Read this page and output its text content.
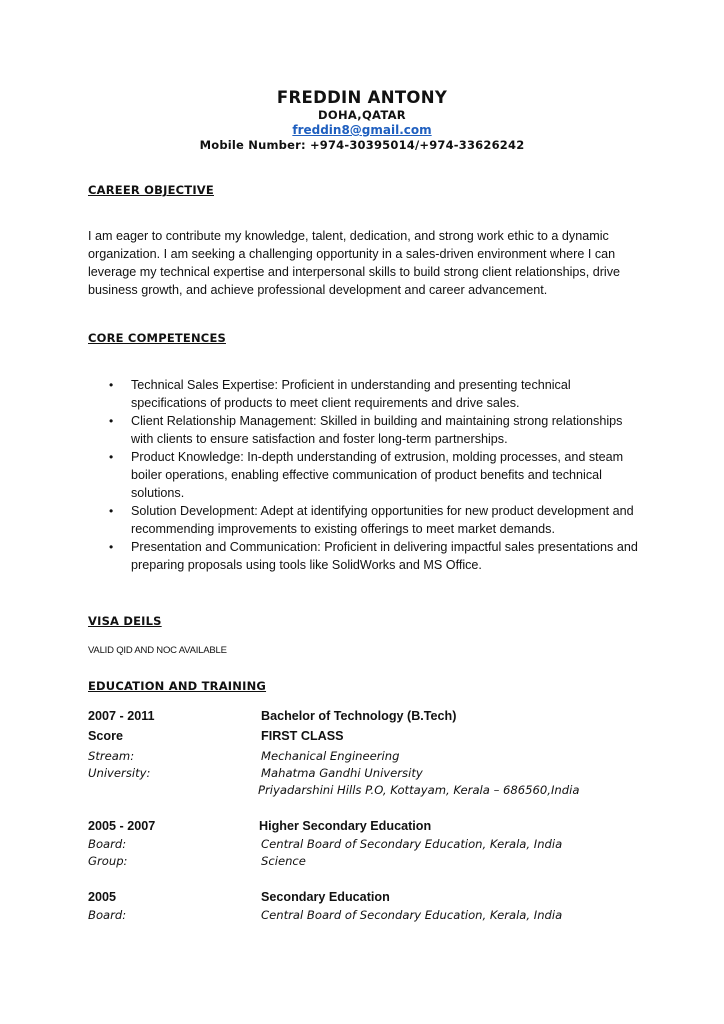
FREDDIN ANTONY
DOHA,QATAR
freddin8@gmail.com
Mobile Number: +974-30395014/+974-33626242
CAREER OBJECTIVE
I am eager to contribute my knowledge, talent, dedication, and strong work ethic to a dynamic organization. I am seeking a challenging opportunity in a sales-driven environment where I can leverage my technical expertise and interpersonal skills to build strong client relationships, drive business growth, and achieve professional development and career advancement.
CORE COMPETENCES
• Technical Sales Expertise: Proficient in understanding and presenting technical specifications of products to meet client requirements and drive sales.
• Client Relationship Management: Skilled in building and maintaining strong relationships with clients to ensure satisfaction and foster long-term partnerships.
• Product Knowledge: In-depth understanding of extrusion, molding processes, and steam boiler operations, enabling effective communication of product benefits and technical solutions.
• Solution Development: Adept at identifying opportunities for new product development and recommending improvements to existing offerings to meet market demands.
• Presentation and Communication: Proficient in delivering impactful sales presentations and preparing proposals using tools like SolidWorks and MS Office.
VISA DEILS
VALID QID AND NOC AVAILABLE
EDUCATION AND TRAINING
2007 - 2011	Bachelor of Technology (B.Tech)
Score	FIRST CLASS
Stream:	Mechanical Engineering
University:	Mahatma Gandhi University
Priyadarshini Hills P.O, Kottayam, Kerala – 686560,India
2005 - 2007	Higher Secondary Education
Board:	Central Board of Secondary Education, Kerala, India
Group:	Science
2005	Secondary Education
Board:	Central Board of Secondary Education, Kerala, India
